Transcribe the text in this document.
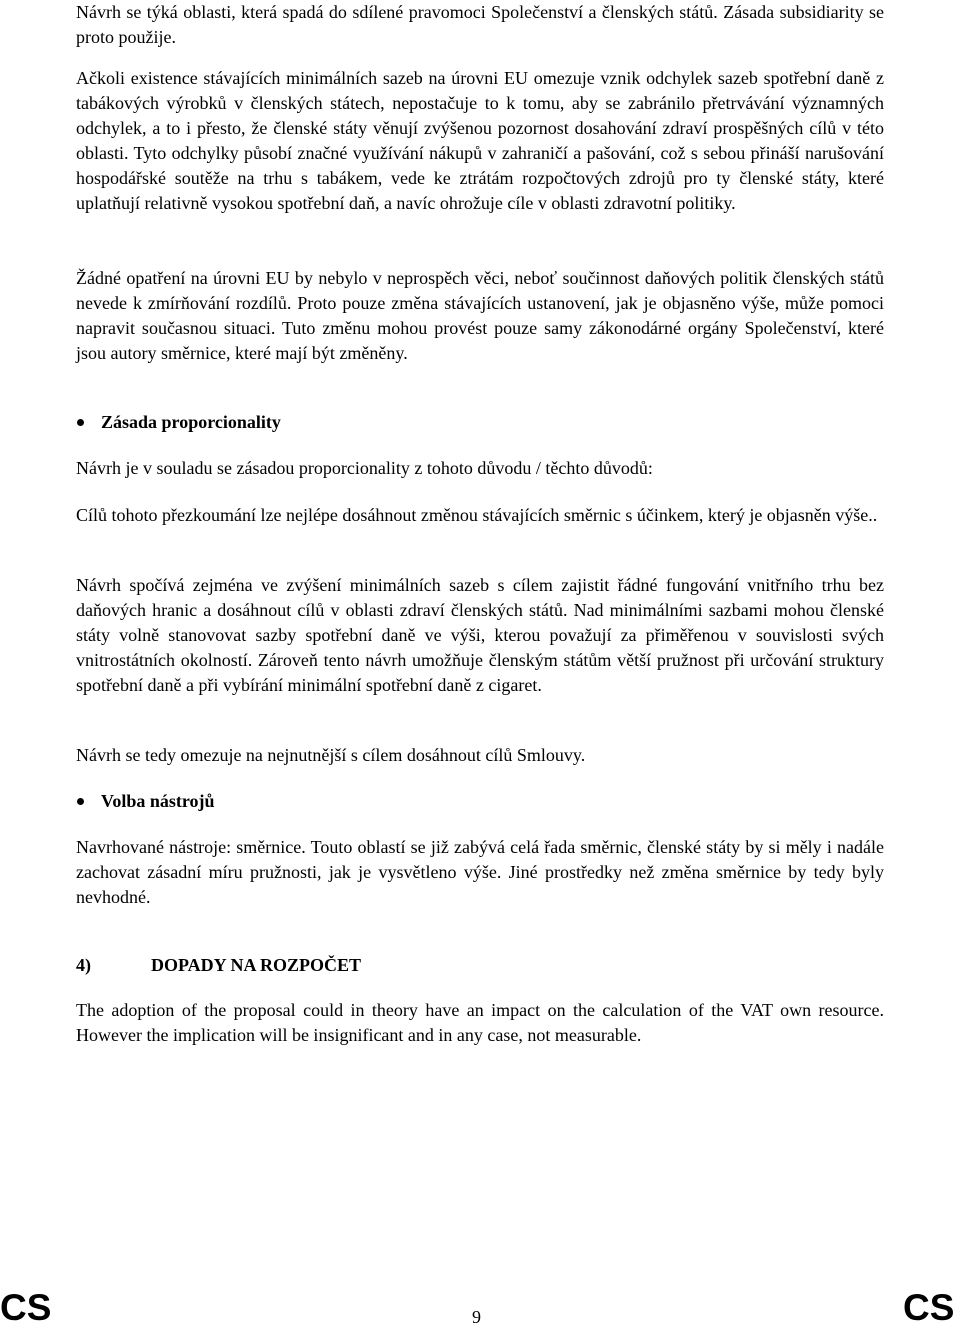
Návrh se týká oblasti, která spadá do sdílené pravomoci Společenství a členských států. Zásada subsidiarity se proto použije.

Ačkoli existence stávajících minimálních sazeb na úrovni EU omezuje vznik odchylek sazeb spotřební daně z tabákových výrobků v členských státech, nepostačuje to k tomu, aby se zabránilo přetrvávání významných odchylek, a to i přesto, že členské státy věnují zvýšenou pozornost dosahování zdraví prospěšných cílů v této oblasti. Tyto odchylky působí značné využívání nákupů v zahraničí a pašování, což s sebou přináší narušování hospodářské soutěže na trhu s tabákem, vede ke ztrátám rozpočtových zdrojů pro ty členské státy, které uplatňují relativně vysokou spotřební daň, a navíc ohrožuje cíle v oblasti zdravotní politiky.

Žádné opatření na úrovni EU by nebylo v neprospěch věci, neboť součinnost daňových politik členských států nevede k zmírňování rozdílů. Proto pouze změna stávajících ustanovení, jak je objasněno výše, může pomoci napravit současnou situaci. Tuto změnu mohou provést pouze samy zákonodárné orgány Společenství, které jsou autory směrnice, které mají být změněny.

Zásada proporcionality

Návrh je v souladu se zásadou proporcionality z tohoto důvodu / těchto důvodů:

Cílů tohoto přezkoumání lze nejlépe dosáhnout změnou stávajících směrnic s účinkem, který je objasněn výše..

Návrh spočívá zejména ve zvýšení minimálních sazeb s cílem zajistit řádné fungování vnitřního trhu bez daňových hranic a dosáhnout cílů v oblasti zdraví členských států. Nad minimálními sazbami mohou členské státy volně stanovovat sazby spotřební daně ve výši, kterou považují za přiměřenou v souvislosti svých vnitrostátních okolností. Zároveň tento návrh umožňuje členským státům větší pružnost při určování struktury spotřební daně a při vybírání minimální spotřební daně z cigaret.

Návrh se tedy omezuje na nejnutnější s cílem dosáhnout cílů Smlouvy.

Volba nástrojů

Navrhované nástroje: směrnice. Touto oblastí se již zabývá celá řada směrnic, členské státy by si měly i nadále zachovat zásadní míru pružnosti, jak je vysvětleno výše. Jiné prostředky než změna směrnice by tedy byly nevhodné.

4)	DOPADY NA ROZPOČET

The adoption of the proposal could in theory have an impact on the calculation of the VAT own resource. However the implication will be insignificant and in any case, not measurable.

CS	9	CS
